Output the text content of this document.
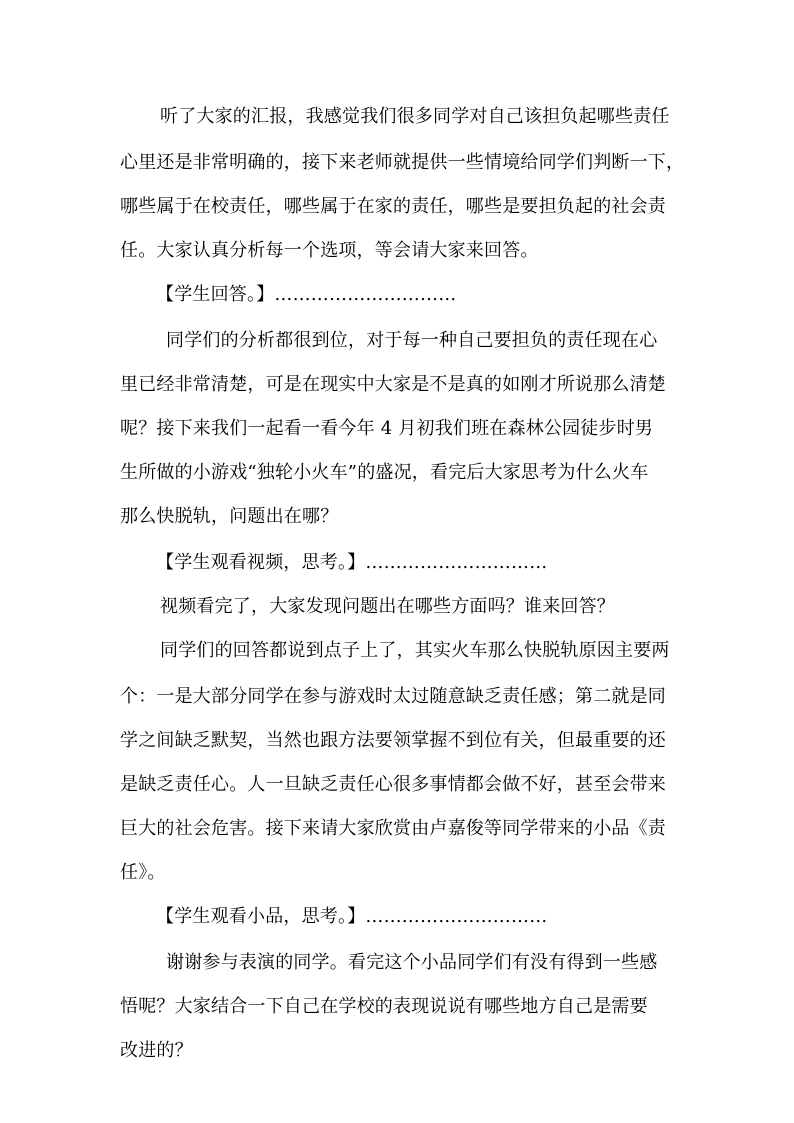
听了大家的汇报，我感觉我们很多同学对自己该担负起哪些责任
心里还是非常明确的，接下来老师就提供一些情境给同学们判断一下，
哪些属于在校责任，哪些属于在家的责任，哪些是要担负起的社会责
任。大家认真分析每一个选项，等会请大家来回答。
【学生回答。】…………………………
同学们的分析都很到位，对于每一种自己要担负的责任现在心
里已经非常清楚，可是在现实中大家是不是真的如刚才所说那么清楚
呢？接下来我们一起看一看今年 4 月初我们班在森林公园徒步时男
生所做的小游戏“独轮小火车”的盛况，看完后大家思考为什么火车
那么快脱轨，问题出在哪？
【学生观看视频，思考。】…………………………
视频看完了，大家发现问题出在哪些方面吗？谁来回答？
同学们的回答都说到点子上了，其实火车那么快脱轨原因主要两
个：一是大部分同学在参与游戏时太过随意缺乏责任感；第二就是同
学之间缺乏默契，当然也跟方法要领掌握不到位有关，但最重要的还
是缺乏责任心。人一旦缺乏责任心很多事情都会做不好，甚至会带来
巨大的社会危害。接下来请大家欣赏由卢嘉俊等同学带来的小品《责
任》。
【学生观看小品，思考。】…………………………
谢谢参与表演的同学。看完这个小品同学们有没有得到一些感
悟呢？大家结合一下自己在学校的表现说说有哪些地方自己是需要
改进的？
